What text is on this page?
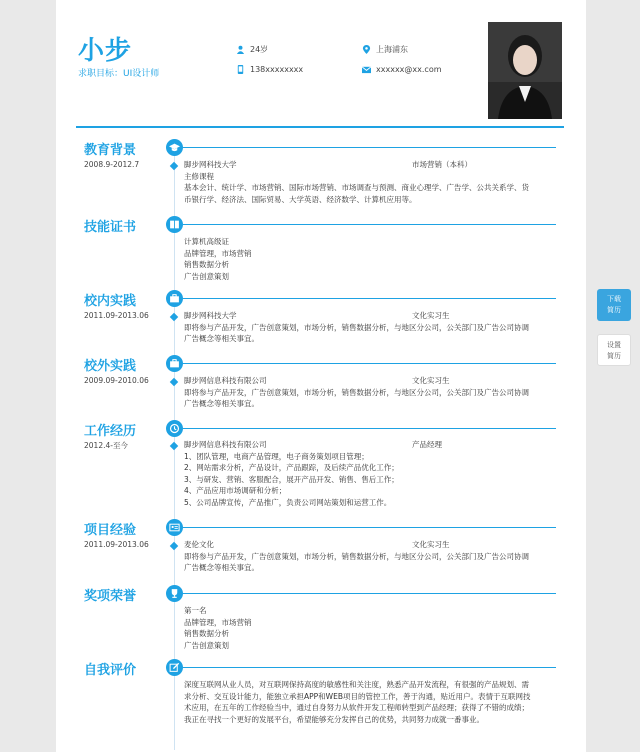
小步
求职目标：UI设计师
24岁	上海浦东
138xxxxxxxx	xxxxxx@xx.com
教育背景
2008.9-2012.7	脚步网科技大学	市场营销（本科）
主修课程
基本会计、统计学、市场营销、国际市场营销、市场调查与预测、商业心理学、广告学、公共关系学、货
币银行学、经济法、国际贸易、大学英语、经济数学、计算机应用等。
技能证书
计算机高级证
品牌管理，市场营销
销售数据分析
广告创意策划
校内实践
2011.09-2013.06	脚步网科技大学	文化实习生
即将参与产品开发，广告创意策划，市场分析，销售数据分析，与地区分公司，公关部门及广告公司协调
广告概念等相关事宜。
校外实践
2009.09-2010.06	脚步网信息科技有限公司	文化实习生
即将参与产品开发，广告创意策划，市场分析，销售数据分析，与地区分公司，公关部门及广告公司协调
广告概念等相关事宜。
工作经历
2012.4-至今	脚步网信息科技有限公司	产品经理
1、团队管理，电商产品管理，电子商务策划项目管理；
2、网站需求分析，产品设计，产品跟踪，及后续产品优化工作；
3、与研发、营销、客服配合，展开产品开发、销售、售后工作；
4、产品应用市场调研和分析；
5、公司品牌宣传，产品推广，负责公司网站策划和运营工作。
项目经验
2011.09-2013.06	麦伦文化	文化实习生
即将参与产品开发，广告创意策划，市场分析，销售数据分析，与地区分公司，公关部门及广告公司协调
广告概念等相关事宜。
奖项荣誉
第一名
品牌管理，市场营销
销售数据分析
广告创意策划
自我评价
深度互联网从业人员，对互联网保持高度的敏感性和关注度，熟悉产品开发流程，有很强的产品规划、需
求分析、交互设计能力，能独立承担APP和WEB项目的管控工作，善于沟通，贴近用户。表情于互联网技
术应用，在五年的工作经验当中，通过自身努力从软件开发工程师转型到产品经理；获得了不错的成绩；
我正在寻找一个更好的发展平台，希望能够充分发挥自己的优势，共同努力成就一番事业。
下载
简历
设置
简历
